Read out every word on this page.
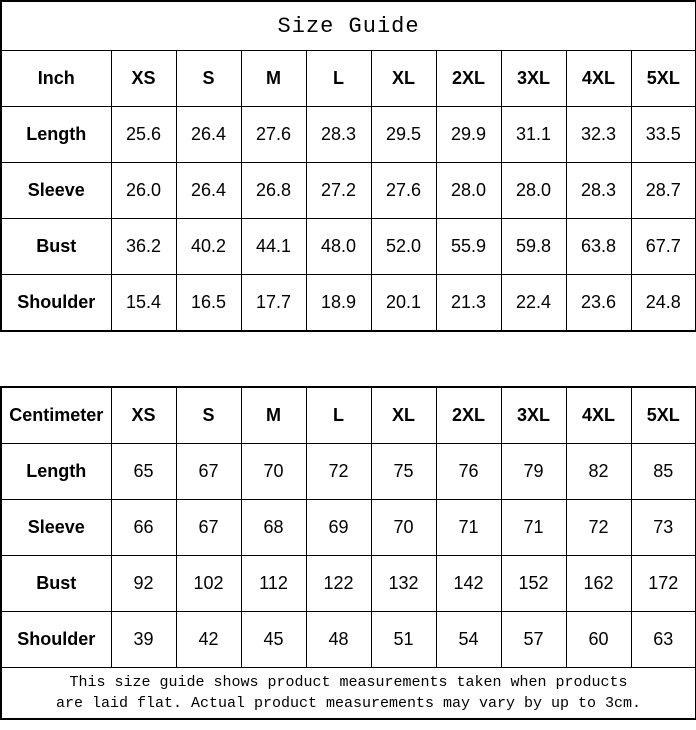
Size Guide									
Inch	XS	S	M	L	XL	2XL	3XL	4XL	5XL
Length	25.6	26.4	27.6	28.3	29.5	29.9	31.1	32.3	33.5
Sleeve	26.0	26.4	26.8	27.2	27.6	28.0	28.0	28.3	28.7
Bust	36.2	40.2	44.1	48.0	52.0	55.9	59.8	63.8	67.7
Shoulder	15.4	16.5	17.7	18.9	20.1	21.3	22.4	23.6	24.8
Centimeter	XS	S	M	L	XL	2XL	3XL	4XL	5XL
Length	65	67	70	72	75	76	79	82	85
Sleeve	66	67	68	69	70	71	71	72	73
Bust	92	102	112	122	132	142	152	162	172
Shoulder	39	42	45	48	51	54	57	60	63

This size guide shows product measurements taken when products
are laid flat. Actual product measurements may vary by up to 3cm.									
